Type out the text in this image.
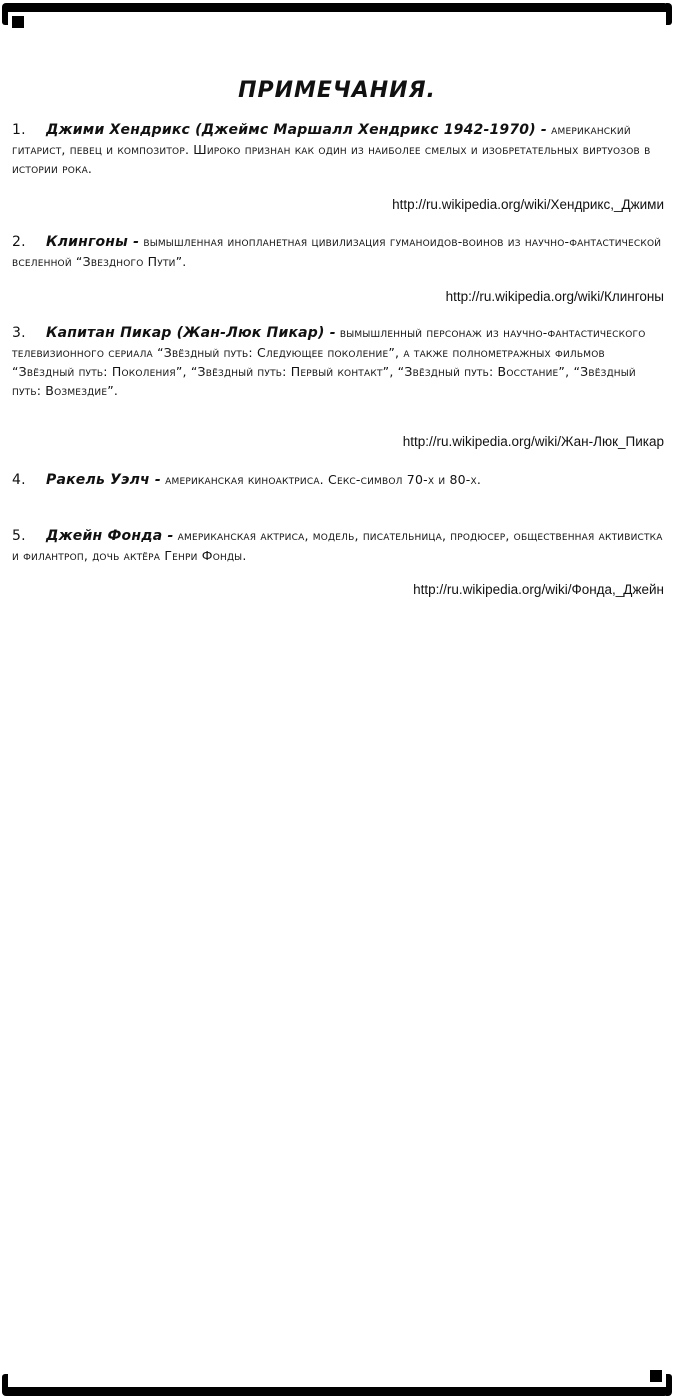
ПРИМЕЧАНИЯ.
1. Джими Хендрикс (Джеймс Маршалл Хендрикс 1942-1970) - американский гитарист, певец и композитор. Широко признан как один из наиболее смелых и изобретательных виртуозов в истории рока.
http://ru.wikipedia.org/wiki/Хендрикс,_Джими
2. Клингоны - вымышленная инопланетная цивилизация гуманоидов-воинов из научно-фантастической вселенной “Звездного Пути”.
http://ru.wikipedia.org/wiki/Клингоны
3. Капитан Пикар (Жан-Люк Пикар) - вымышленный персонаж из научно-фантастического телевизионного сериала “Звёздный путь: Следующее поколение”, а также полнометражных фильмов “Звёздный путь: Поколения”, “Звёздный путь: Первый контакт”, “Звёздный путь: Восстание”, “Звёздный путь: Возмездие”.
http://ru.wikipedia.org/wiki/Жан-Люк_Пикар
4. Ракель Уэлч - американская киноактриса. Секс-символ 70-х и 80-х.
5. Джейн Фонда - американская актриса, модель, писательница, продюсер, общественная активистка и филантроп, дочь актёра Генри Фонды.
http://ru.wikipedia.org/wiki/Фонда,_Джейн
